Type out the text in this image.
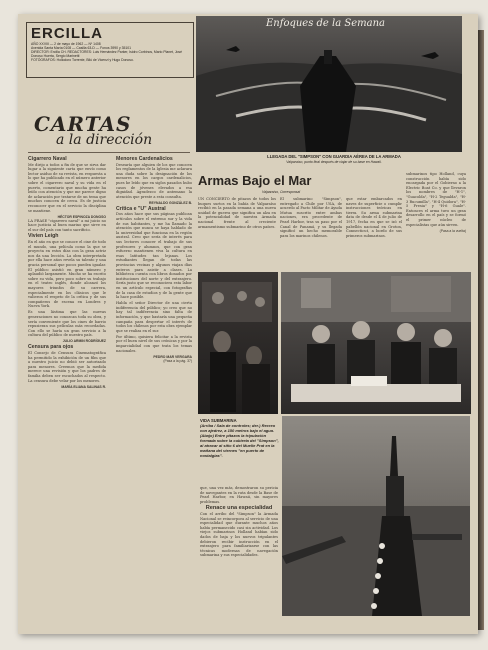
ERCILLA
AÑO XXVIII — 2 de mayo de 1962 — Nº 1408
Avenida Santa María 0108 — Casilla 63-D — Fonos 3990 y 35101
DIRECTOR: Ercilla CH. REDACTORES: Luis Hernández Parker, Isidro Corbinos, Mario Planet, José Donoso Huerta, Sergio Marinetti
FOTÓGRAFOS: Hollodoro Torrente, Bilú de Vicenzi y Hugo Donoso.
CARTAS
a la dirección
Cigarrero Naval

Me dirijo a todos a fin de que se sirva dar lugar a la siguiente carta que envío como lector asiduo de su revista, en respuesta a lo que ha publicado en el número anterior sobre el cigarrero naval y su vida en el puerto, comentario que mucha gente ha leído con atención y que me parece digno de aclaración por tratarse de un tema que muchos conocen de cerca. Es de justicia reconocer que en el servicio la disciplina se mantiene.

HÉCTOR ESPINOZA DONOSO

LA FRASE "cigarrero naval" a mi juicio no hace justicia al buen marino que sirve en el sur del país con tanto sacrificio.

Vivien Leigh

En el año en que se conoce el cine de todo el mundo, una película como la que se proyecta en estos días con la gran actriz nos da una lección. La obra interpretada por ella hace años revela su talento y una gracia personal que pocos pueden igualar. El público asistió en gran número y aplaudió largamente. Mucho se ha escrito sobre su vida, pero poco sobre su trabajo en el teatro inglés, donde alcanzó los mayores triunfos de su carrera, especialmente en los clásicos que le valieron el respeto de la crítica y de sus compañeros de escena en Londres y Nueva York.

Es una lástima que las nuevas generaciones no conozcan toda su obra, y sería conveniente que los cines de barrio repusieran sus películas más recordadas. Con ello se haría un gran servicio a la cultura del público de nuestro país.

JULIO ARMIN RODRÍGUEZ
Censura para ojos

El Consejo de Censura Cinematográfica ha permitido la exhibición de un film que a nuestro juicio no debió ser autorizado para menores. Creemos que la medida merece una revisión y que los padres de familia deben ser escuchados al respecto. La censura debe velar por los menores.

MARÍA ELIANA SALINAS R.
Menores Cardenalicios

Desearía que alguien de los que conocen los reglamentos de la Iglesia me aclarara una duda sobre la designación de los menores en los cargos cardenalicios, pues he leído que en siglos pasados hubo casos de jóvenes elevados a esa dignidad. Agradezco de antemano la atención que preste a esta consulta.

REYNALDO GONZÁLEZ B.
Crítica e "U" Austral

Dos años hace que sus páginas publican artículos sobre el extremo sur y la vida de sus habitantes, y me ha llamado la atención que nunca se haya hablado de la universidad que funciona en la región austral. Creo que sería de interés para sus lectores conocer el trabajo de sus profesores y alumnos, que con gran esfuerzo mantienen viva la cultura en esas latitudes tan lejanas. Los estudiantes llegan de todas las provincias vecinas y algunos viajan días enteros para asistir a clases. La biblioteca cuenta con libros donados por instituciones del norte y del extranjero. Sería justo que se reconociera esta labor en un artículo especial, con fotografías de la casa de estudios y de la gente que la hace posible.

Habla el señor Director de una cierta indiferencia del público; yo creo que no hay tal indiferencia sino falta de información, y que bastaría una pequeña campaña para despertar el interés de todos los chilenos por esta obra ejemplar que se realiza en el sur.

Por último, quisiera felicitar a la revista por el buen nivel de sus crónicas y por la imparcialidad con que trata los temas nacionales.

PEDRO MAR VERGARA
(Pasa a la pág. 37)
Enfoques de la Semana
LLEGADA DEL "SIMPSON" CON GUARDIA AÉREA DE LA ARMADA
Valparaíso, punto final después de viajar de su base en Hawaii.
Armas Bajo el Mar
Valparaíso, Corresponsal

UN CONCIERTO de pitazos de todos los buques surtos en la bahía de Valparaíso recibió en la pasada semana a una nueva unidad de guerra que significa un alza en la potencialidad de nuestra Armada nacional frente al creciente armamentismo submarino de otros países.

El submarino "Simpson", entregado a Chile por USA, de acuerdo al Pacto Militar de Ayuda Mutua suscrito entre ambas naciones, era procedente de Pearl Harbor, tras su paso por el Canal de Panamá, y su llegada significó un hecho memorable para los marinos chilenos.

que estar embarcados en naves de superficie o cumplir instrucciones teóricas en tierra. Su arma submarina data de desde el 4 de julio de 1917, fecha en que se izó el pabellón nacional en Groton, Connecticut, a bordo de sus primeros submarinos.

submarinos tipo Holland, cuya construcción había sido encargada por el Gobierno a la Electric Boat Co. y que llevaron los nombres de "H-1", "Guacolda", "H-2 Tegualda", "H-3 Rucumilla", "H-4 Quidora", "H-5 Fresia" y "H-6 Guale". Entonces el arma tuvo un gran desarrollo en el país y se formó el primer núcleo de especialistas que aún sirven.

(Pasa a la vuelta)
VIDA SUBMARINA
(Arriba / Sala de controles; der.) Recreo con ajedrez, a 150 metros bajo el agua. (Abajo) Entre pitazos la tripulación formada sobre la cubierta del "Simpson", al atracar al sitio 6 del Muelle Prat en la mañana del viernes "en puerto de nostalgias".

que, una vez más, demostraron su pericia de navegantes en la ruta desde la Base de Pearl Harbor, en Hawaii, sin mayores problemas.

Renace una especialidad

Con el arribo del "Simpson" la Armada Nacional se reincorpora al servicio de una especialidad que durante muchos años había permanecido casi sin actividad. Los viejos submarinos Holland habían sido dados de baja y los nuevos tripulantes debieron recibir instrucción en el extranjero para familiarizarse con las técnicas modernas de navegación submarina y sus especialidades.
